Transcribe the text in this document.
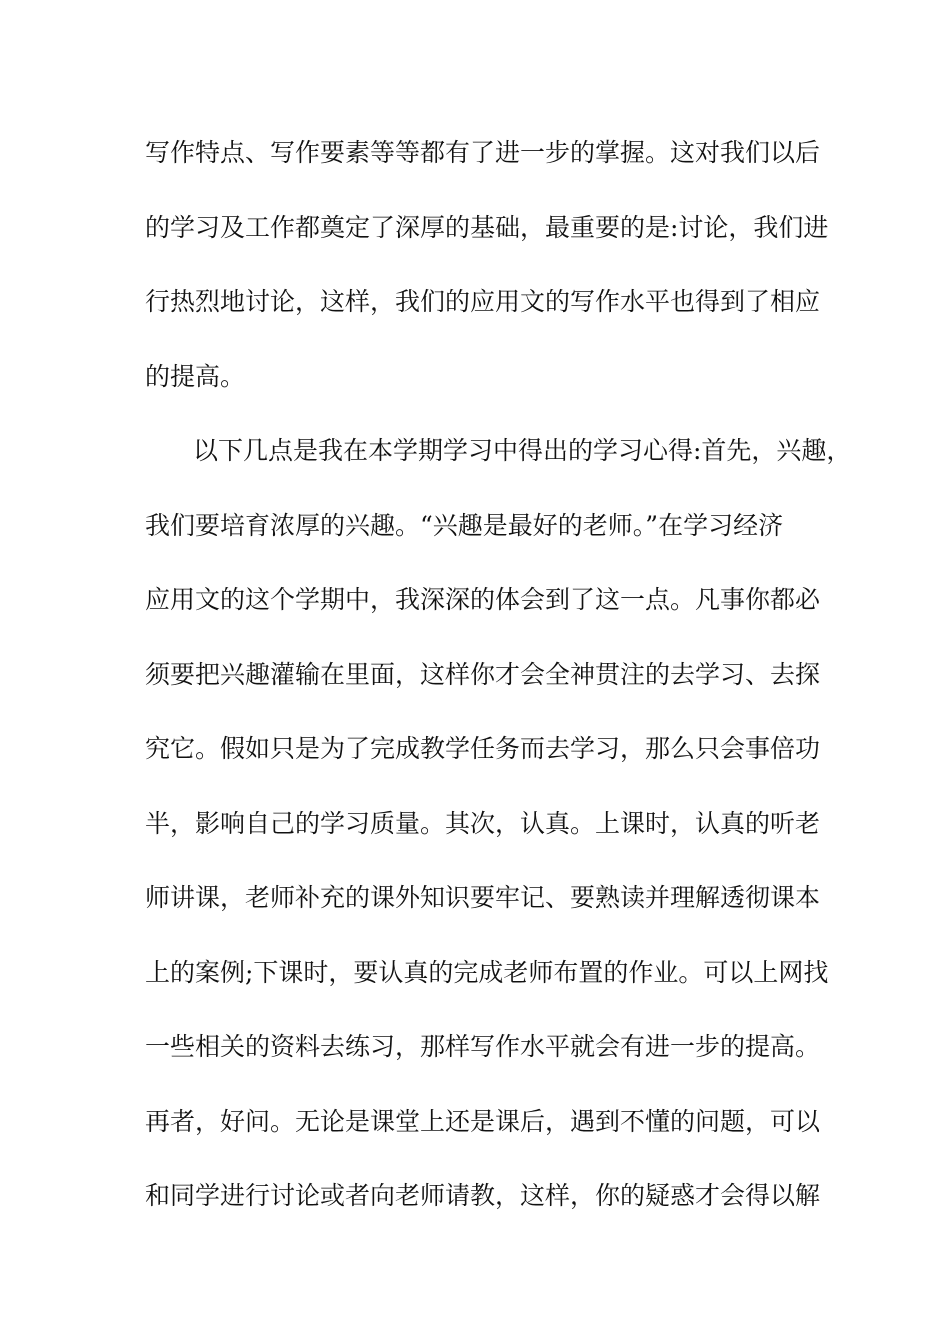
写作特点、写作要素等等都有了进一步的掌握。这对我们以后
的学习及工作都奠定了深厚的基础，最重要的是:讨论，我们进
行热烈地讨论，这样，我们的应用文的写作水平也得到了相应
的提高。
以下几点是我在本学期学习中得出的学习心得:首先，兴趣，
我们要培育浓厚的兴趣。“兴趣是最好的老师。”在学习经济
应用文的这个学期中，我深深的体会到了这一点。凡事你都必
须要把兴趣灌输在里面，这样你才会全神贯注的去学习、去探
究它。假如只是为了完成教学任务而去学习，那么只会事倍功
半，影响自己的学习质量。其次，认真。上课时，认真的听老
师讲课，老师补充的课外知识要牢记、要熟读并理解透彻课本
上的案例;下课时，要认真的完成老师布置的作业。可以上网找
一些相关的资料去练习，那样写作水平就会有进一步的提高。
再者，好问。无论是课堂上还是课后，遇到不懂的问题，可以
和同学进行讨论或者向老师请教，这样，你的疑惑才会得以解
